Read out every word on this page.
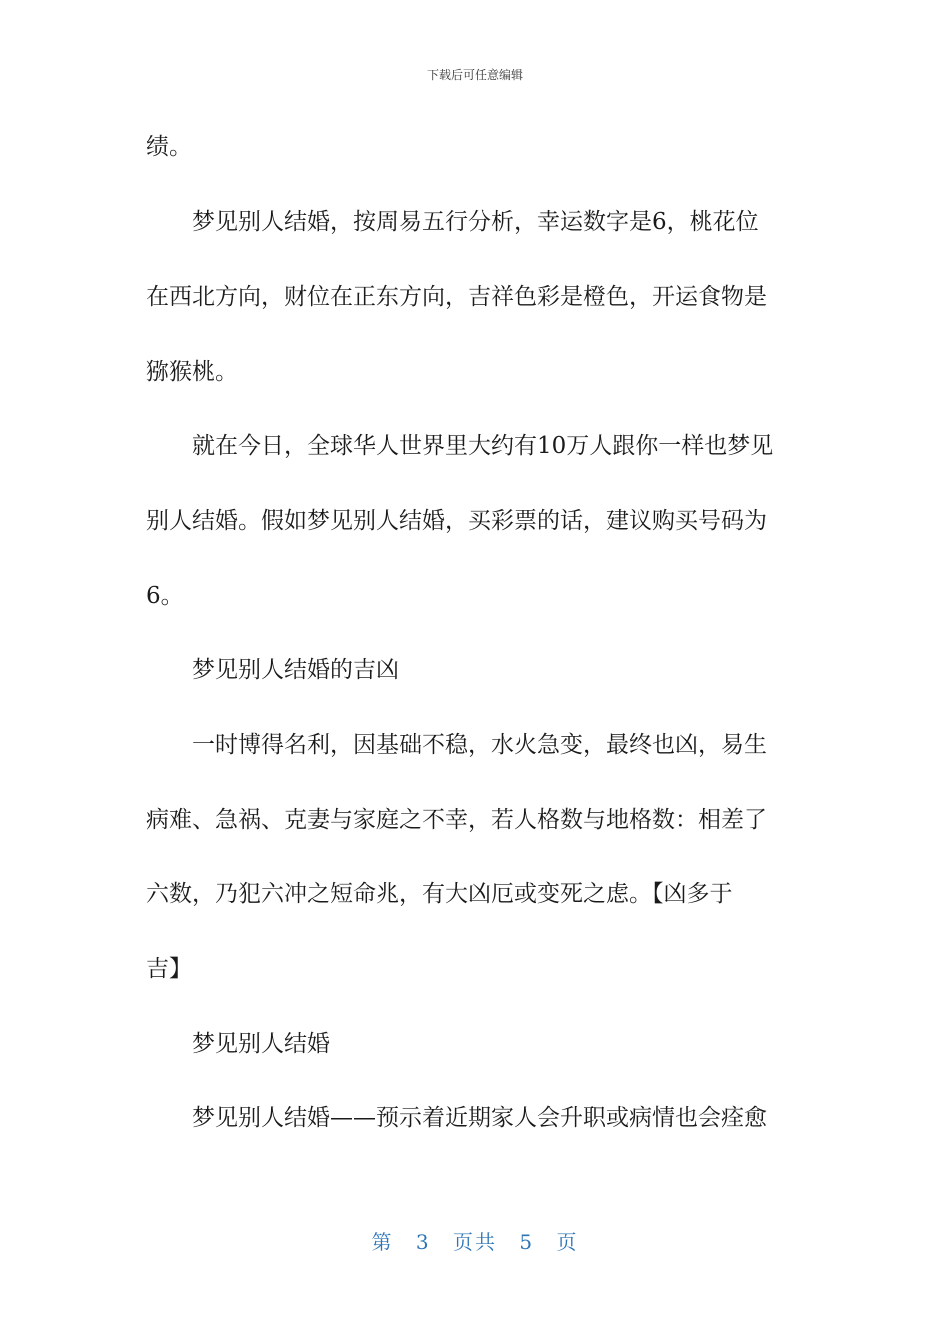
下载后可任意编辑
绩。
　　梦见别人结婚，按周易五行分析，幸运数字是6，桃花位
在西北方向，财位在正东方向，吉祥色彩是橙色，开运食物是
猕猴桃。
　　就在今日，全球华人世界里大约有10万人跟你一样也梦见
别人结婚。假如梦见别人结婚，买彩票的话，建议购买号码为
6。
　　梦见别人结婚的吉凶
　　一时博得名利，因基础不稳，水火急变，最终也凶，易生
病难、急祸、克妻与家庭之不幸，若人格数与地格数：相差了
六数，乃犯六冲之短命兆，有大凶厄或变死之虑。【凶多于
吉】
　　梦见别人结婚
　　梦见别人结婚——预示着近期家人会升职或病情也会痊愈
第 3 页共 5 页
